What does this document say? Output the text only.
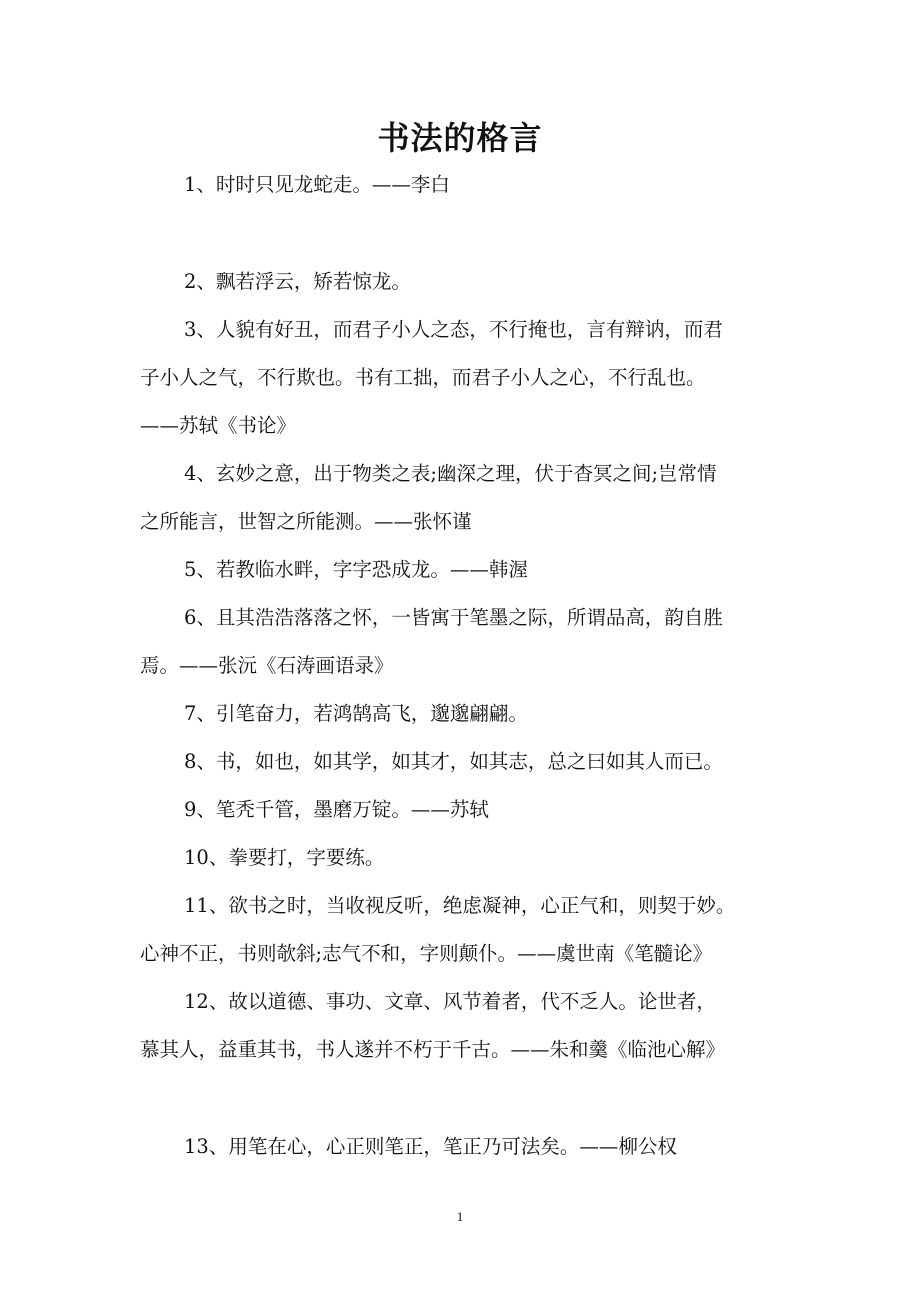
书法的格言

1、时时只见龙蛇走。——李白

2、飘若浮云，矫若惊龙。

3、人貌有好丑，而君子小人之态，不行掩也，言有辩讷，而君

子小人之气，不行欺也。书有工拙，而君子小人之心，不行乱也。

——苏轼《书论》

4、玄妙之意，出于物类之表;幽深之理，伏于杳冥之间;岂常情

之所能言，世智之所能测。——张怀谨

5、若教临水畔，字字恐成龙。——韩渥

6、且其浩浩落落之怀，一皆寓于笔墨之际，所谓品高，韵自胜

焉。——张沅《石涛画语录》

7、引笔奋力，若鸿鹄高飞，邈邈翩翩。

8、书，如也，如其学，如其才，如其志，总之曰如其人而已。

9、笔秃千管，墨磨万锭。——苏轼

10、拳要打，字要练。

11、欲书之时，当收视反听，绝虑凝神，心正气和，则契于妙。

心神不正，书则欹斜;志气不和，字则颠仆。——虞世南《笔髓论》

12、故以道德、事功、文章、风节着者，代不乏人。论世者，

慕其人，益重其书，书人遂并不朽于千古。——朱和羹《临池心解》

13、用笔在心，心正则笔正，笔正乃可法矣。——柳公权

1
